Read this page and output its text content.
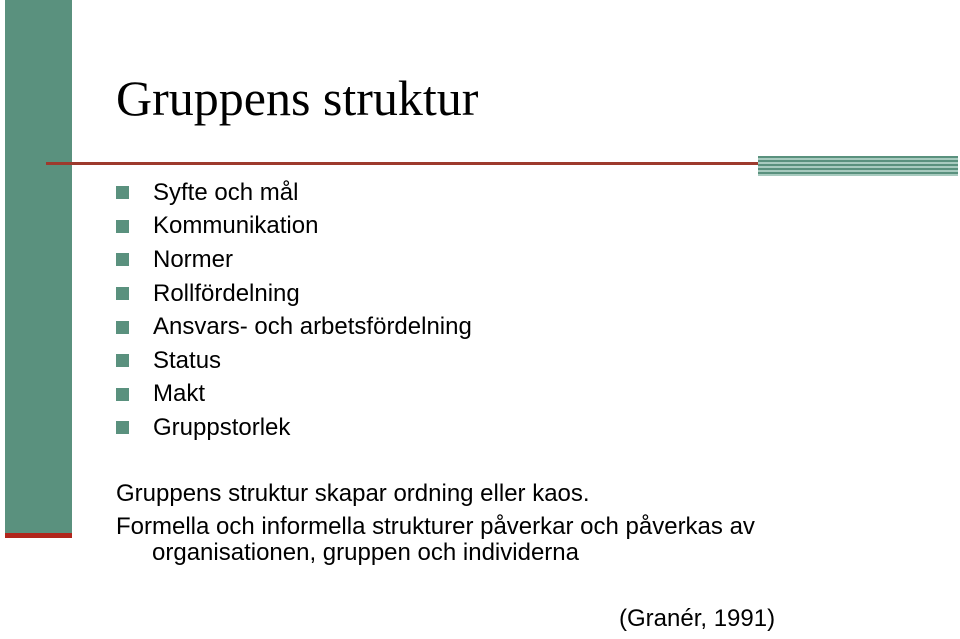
Gruppens struktur
Syfte och mål
Kommunikation
Normer
Rollfördelning
Ansvars- och arbetsfördelning
Status
Makt
Gruppstorlek
Gruppens struktur skapar ordning eller kaos.
Formella och informella strukturer påverkar och påverkas av
organisationen, gruppen och individerna
(Granér, 1991)
